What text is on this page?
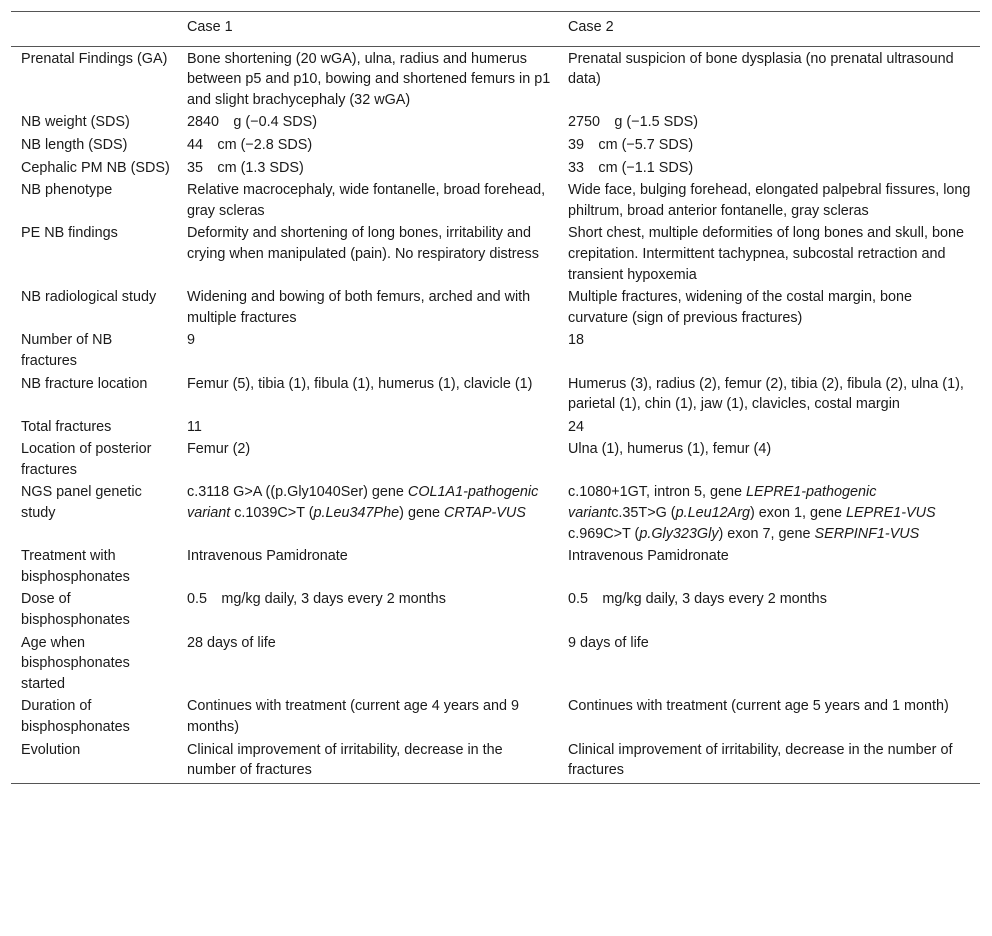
	Case 1	Case 2
Prenatal Findings (GA)	Bone shortening (20 wGA), ulna, radius and humerus between p5 and p10, bowing and shortened femurs in p1 and slight brachycephaly (32 wGA)	Prenatal suspicion of bone dysplasia (no prenatal ultrasound data)
NB weight (SDS)	2840 g (−0.4 SDS)	2750 g (−1.5 SDS)
NB length (SDS)	44 cm (−2.8 SDS)	39 cm (−5.7 SDS)
Cephalic PM NB (SDS)	35 cm (1.3 SDS)	33 cm (−1.1 SDS)
NB phenotype	Relative macrocephaly, wide fontanelle, broad forehead, gray scleras	Wide face, bulging forehead, elongated palpebral fissures, long philtrum, broad anterior fontanelle, gray scleras
PE NB findings	Deformity and shortening of long bones, irritability and crying when manipulated (pain). No respiratory distress	Short chest, multiple deformities of long bones and skull, bone crepitation. Intermittent tachypnea, subcostal retraction and transient hypoxemia
NB radiological study	Widening and bowing of both femurs, arched and with multiple fractures	Multiple fractures, widening of the costal margin, bone curvature (sign of previous fractures)
Number of NB fractures	9	18
NB fracture location	Femur (5), tibia (1), fibula (1), humerus (1), clavicle (1)	Humerus (3), radius (2), femur (2), tibia (2), fibula (2), ulna (1), parietal (1), chin (1), jaw (1), clavicles, costal margin
Total fractures	11	24
Location of posterior fractures	Femur (2)	Ulna (1), humerus (1), femur (4)
NGS panel genetic study	c.3118 G>A ((p.Gly1040Ser) gene COL1A1-pathogenic variant c.1039C>T (p.Leu347Phe) gene CRTAP-VUS	c.1080+1GT, intron 5, gene LEPRE1-pathogenic variantc.35T>G (p.Leu12Arg) exon 1, gene LEPRE1-VUS c.969C>T (p.Gly323Gly) exon 7, gene SERPINF1-VUS
Treatment with bisphosphonates	Intravenous Pamidronate	Intravenous Pamidronate
Dose of bisphosphonates	0.5 mg/kg daily, 3 days every 2 months	0.5 mg/kg daily, 3 days every 2 months
Age when bisphosphonates started	28 days of life	9 days of life
Duration of bisphosphonates	Continues with treatment (current age 4 years and 9 months)	Continues with treatment (current age 5 years and 1 month)
Evolution	Clinical improvement of irritability, decrease in the number of fractures	Clinical improvement of irritability, decrease in the number of fractures
